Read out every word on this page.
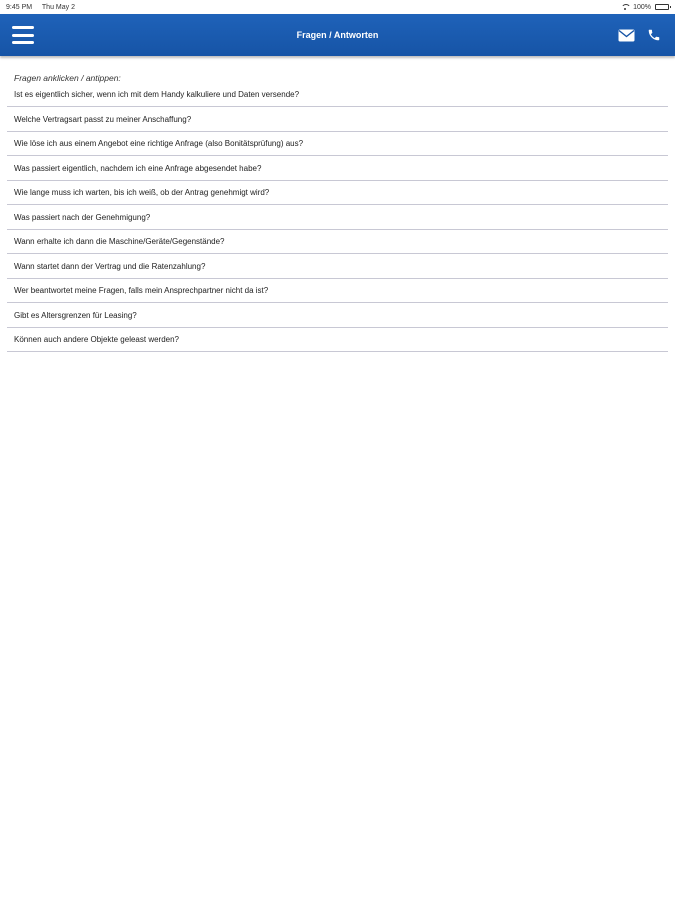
9:45 PM Thu May 2	100%
Fragen / Antworten
Fragen anklicken / antippen:
Ist es eigentlich sicher, wenn ich mit dem Handy kalkuliere und Daten versende?
Welche Vertragsart passt zu meiner Anschaffung?
Wie löse ich aus einem Angebot eine richtige Anfrage (also Bonitätsprüfung) aus?
Was passiert eigentlich, nachdem ich eine Anfrage abgesendet habe?
Wie lange muss ich warten, bis ich weiß, ob der Antrag genehmigt wird?
Was passiert nach der Genehmigung?
Wann erhalte ich dann die Maschine/Geräte/Gegenstände?
Wann startet dann der Vertrag und die Ratenzahlung?
Wer beantwortet meine Fragen, falls mein Ansprechpartner nicht da ist?
Gibt es Altersgrenzen für Leasing?
Können auch andere Objekte geleast werden?
